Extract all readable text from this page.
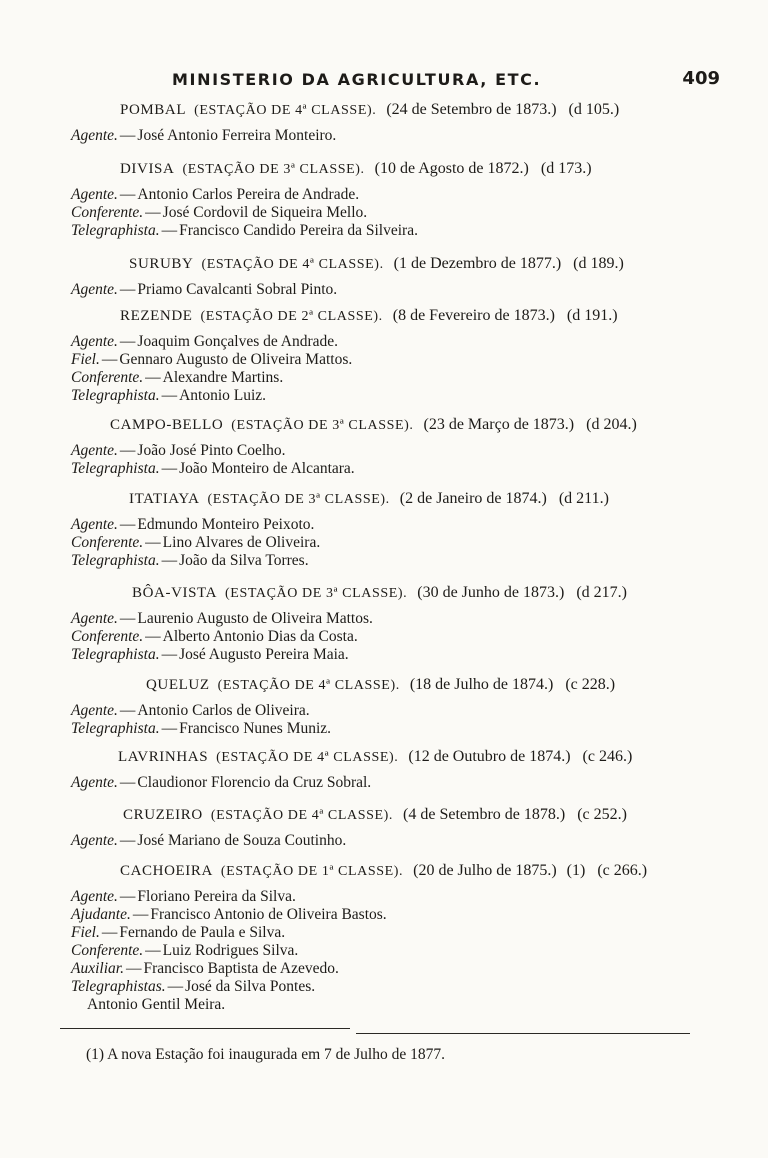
MINISTERIO DA AGRICULTURA, ETC.	409
POMBAL (ESTAÇÃO DE 4ª CLASSE). (24 de Setembro de 1873.) (d 105.)
Agente. — José Antonio Ferreira Monteiro.
DIVISA (ESTAÇÃO DE 3ª CLASSE). (10 de Agosto de 1872.) (d 173.)
Agente. — Antonio Carlos Pereira de Andrade.
Conferente. — José Cordovil de Siqueira Mello.
Telegraphista. — Francisco Candido Pereira da Silveira.
SURUBY (ESTAÇÃO DE 4ª CLASSE). (1 de Dezembro de 1877.) (d 189.)
Agente. — Priamo Cavalcanti Sobral Pinto.
REZENDE (ESTAÇÃO DE 2ª CLASSE). (8 de Fevereiro de 1873.) (d 191.)
Agente. — Joaquim Gonçalves de Andrade.
Fiel. — Gennaro Augusto de Oliveira Mattos.
Conferente. — Alexandre Martins.
Telegraphista. — Antonio Luiz.
CAMPO-BELLO (ESTAÇÃO DE 3ª CLASSE). (23 de Março de 1873.) (d 204.)
Agente. — João José Pinto Coelho.
Telegraphista. — João Monteiro de Alcantara.
ITATIAYA (ESTAÇÃO DE 3ª CLASSE). (2 de Janeiro de 1874.) (d 211.)
Agente. — Edmundo Monteiro Peixoto.
Conferente. — Lino Alvares de Oliveira.
Telegraphista. — João da Silva Torres.
BÔA-VISTA (ESTAÇÃO DE 3ª CLASSE). (30 de Junho de 1873.) (d 217.)
Agente. — Laurenio Augusto de Oliveira Mattos.
Conferente. — Alberto Antonio Dias da Costa.
Telegraphista. — José Augusto Pereira Maia.
QUELUZ (ESTAÇÃO DE 4ª CLASSE). (18 de Julho de 1874.) (c 228.)
Agente. — Antonio Carlos de Oliveira.
Telegraphista. — Francisco Nunes Muniz.
LAVRINHAS (ESTAÇÃO DE 4ª CLASSE). (12 de Outubro de 1874.) (c 246.)
Agente. — Claudionor Florencio da Cruz Sobral.
CRUZEIRO (ESTAÇÃO DE 4ª CLASSE). (4 de Setembro de 1878.) (c 252.)
Agente. — José Mariano de Souza Coutinho.
CACHOEIRA (ESTAÇÃO DE 1ª CLASSE). (20 de Julho de 1875.) (1) (c 266.)
Agente. — Floriano Pereira da Silva.
Ajudante. — Francisco Antonio de Oliveira Bastos.
Fiel. — Fernando de Paula e Silva.
Conferente. — Luiz Rodrigues Silva.
Auxiliar. — Francisco Baptista de Azevedo.
Telegraphistas. — José da Silva Pontes.
Antonio Gentil Meira.
(1) A nova Estação foi inaugurada em 7 de Julho de 1877.
